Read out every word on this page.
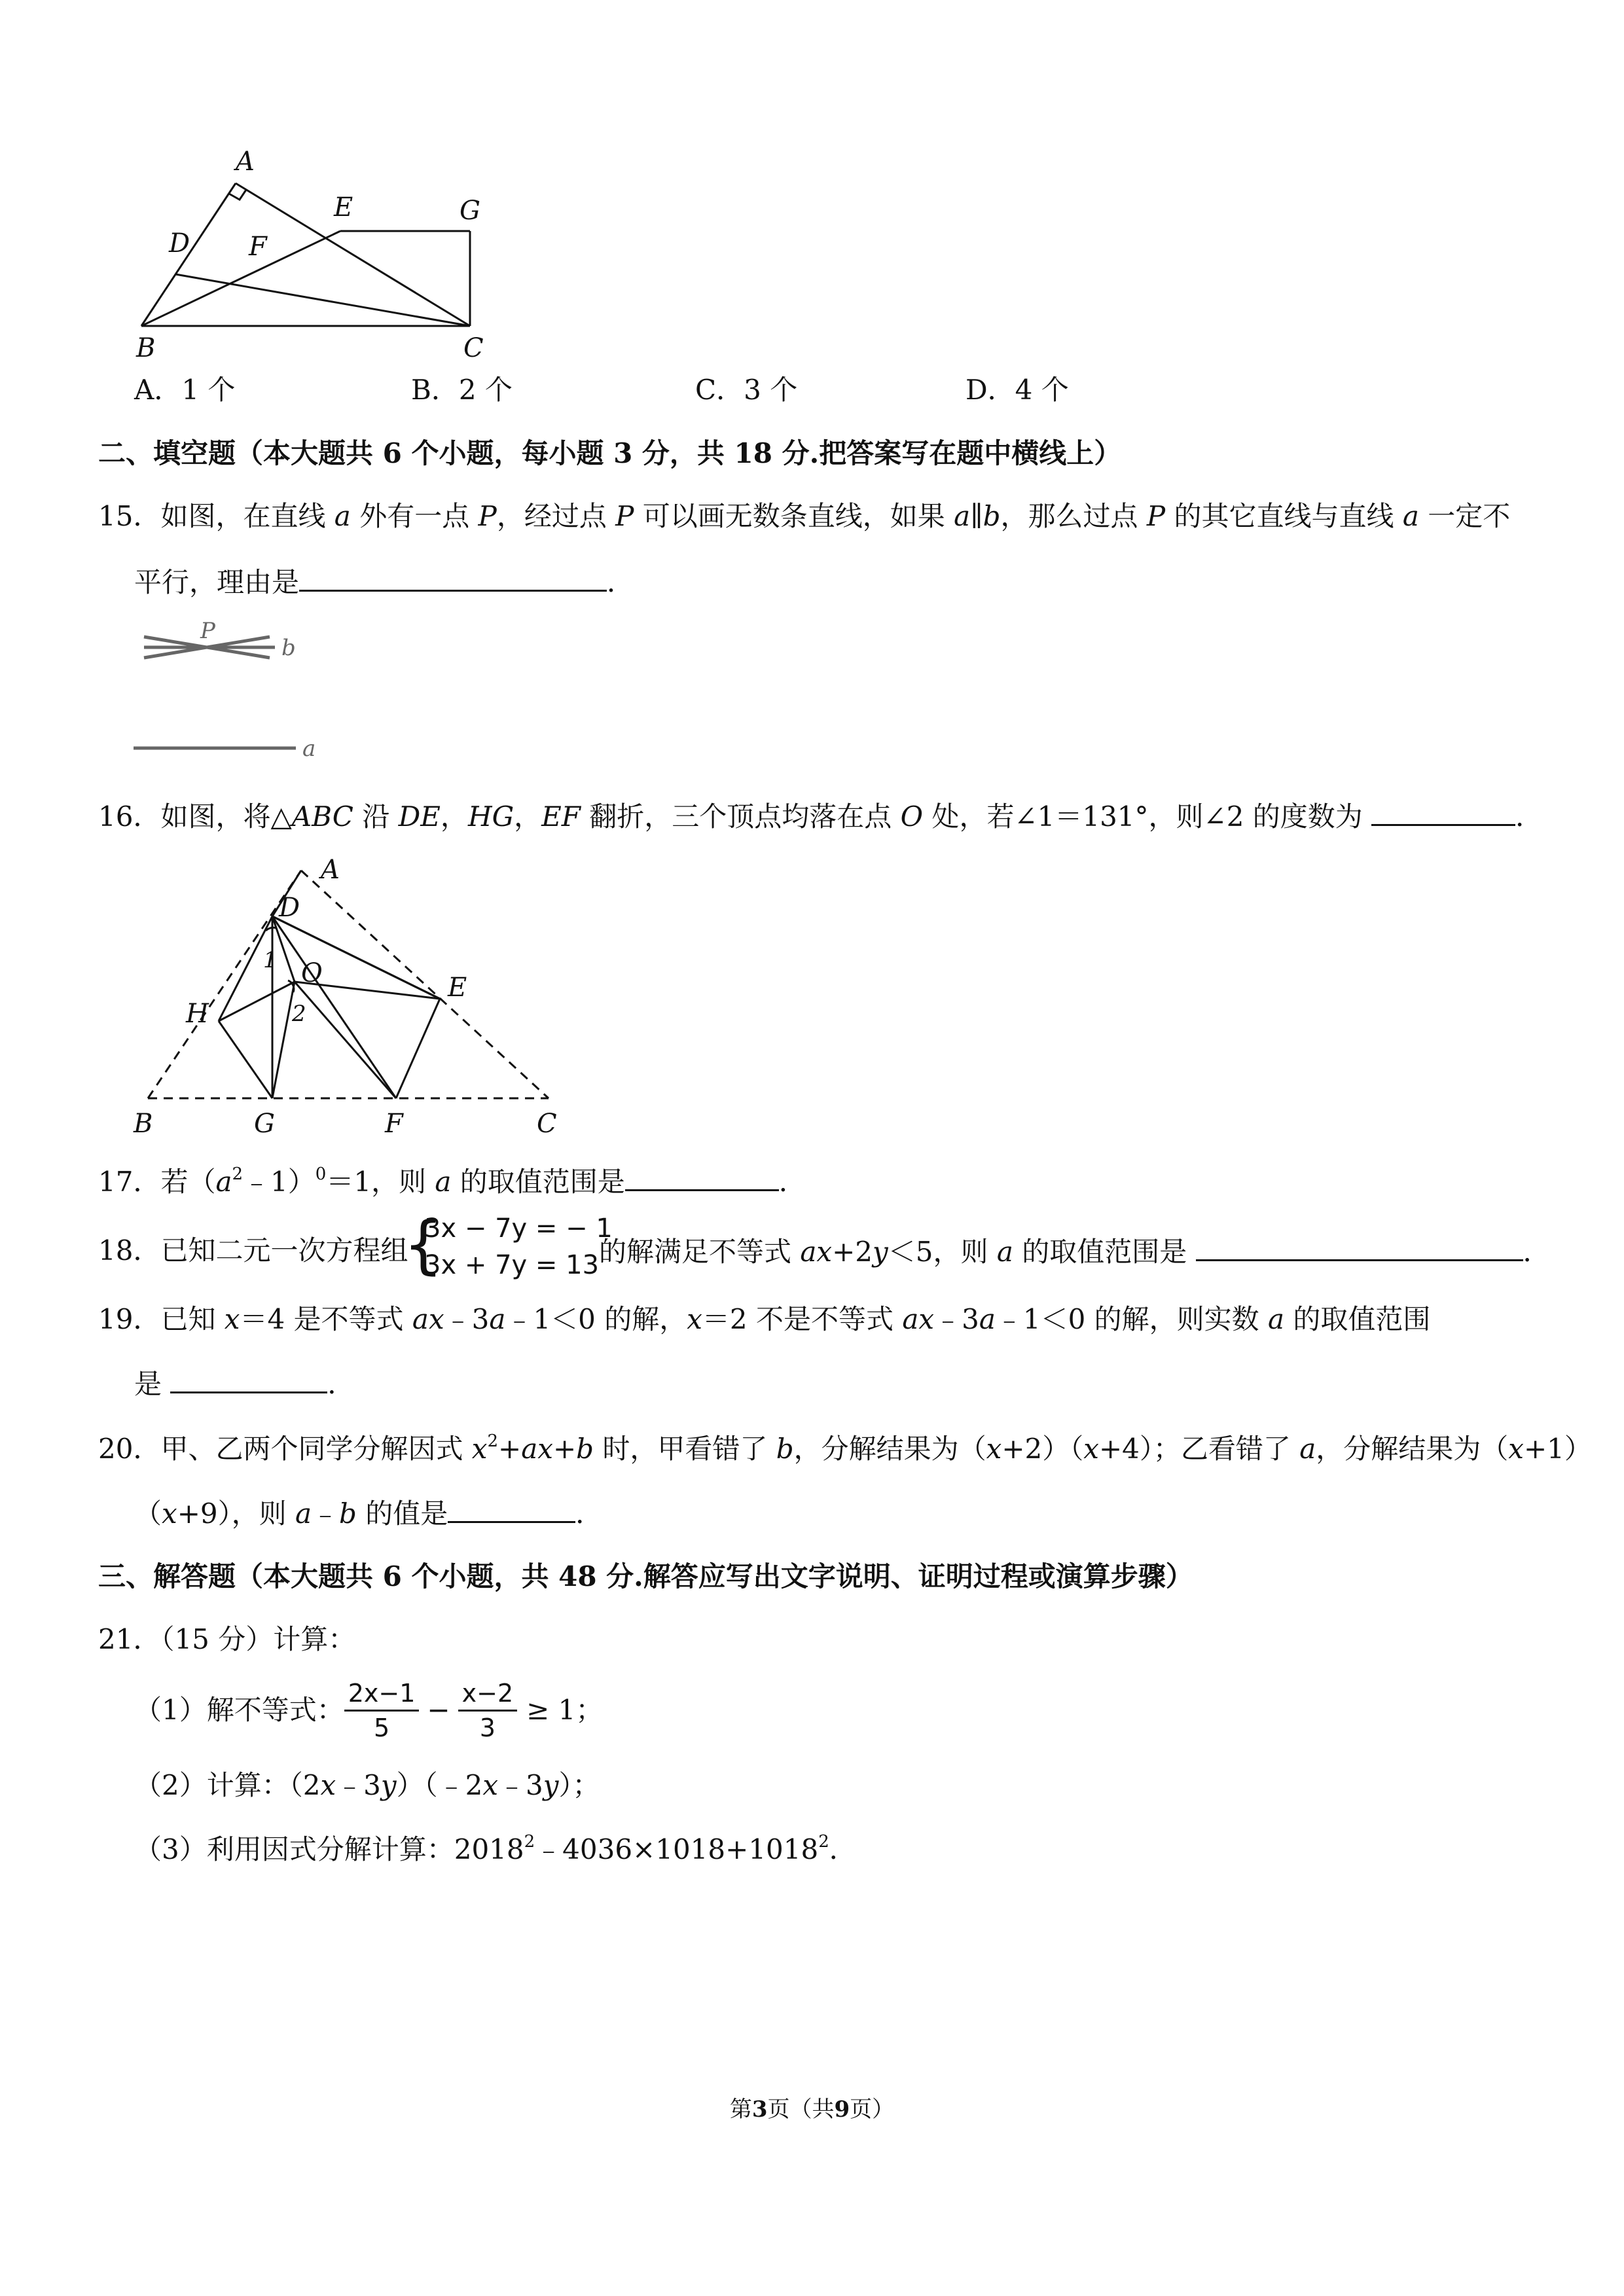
A
B	C
D
E
F
G
A．1 个	B．2 个	C．3 个	D．4 个
二、填空题（本大题共 6 个小题，每小题 3 分，共 18 分.把答案写在题中横线上）
15．如图，在直线 a 外有一点 P，经过点 P 可以画无数条直线，如果 a∥b，那么过点 P 的其它直线与直线 a 一定不
平行，理由是	．
P
b
a
16．如图，将△ABC 沿 DE，HG，EF 翻折，三个顶点均落在点 O 处，若∠1＝131°，则∠2 的度数为	．
A
D
O	E
H
B	G	F	C
1
2
17．若$(a^2﹣1)^0=1$，则 a 的取值范围是	．
18．已知二元一次方程组
{
3x − 7y = − 1
3x + 7y = 13 的解满足不等式 ax+2y＜5，则 a 的取值范围是	．
19．已知 x＝4 是不等式 ax﹣3a﹣1＜0 的解，x＝2 不是不等式 ax﹣3a﹣1＜0 的解，则实数 a 的取值范围
是	．
20．甲、乙两个同学分解因式 $x^2+ax+b$ 时，甲看错了 b，分解结果为（x+2）（x+4）；乙看错了 a，分解结果为（x+1）
（x+9），则 a﹣b 的值是	．
三、解答题（本大题共 6 个小题，共 48 分.解答应写出文字说明、证明过程或演算步骤）
21．（15 分）计算：
（1）解不等式： $\frac{2x-1}{5} - \frac{x-2}{3} \ge 1$；
（2）计算：（2x﹣3y）（﹣2x﹣3y）；
（3）利用因式分解计算：$2018^2﹣4036\times 1018+1018^2$．
第3页（共9页）
